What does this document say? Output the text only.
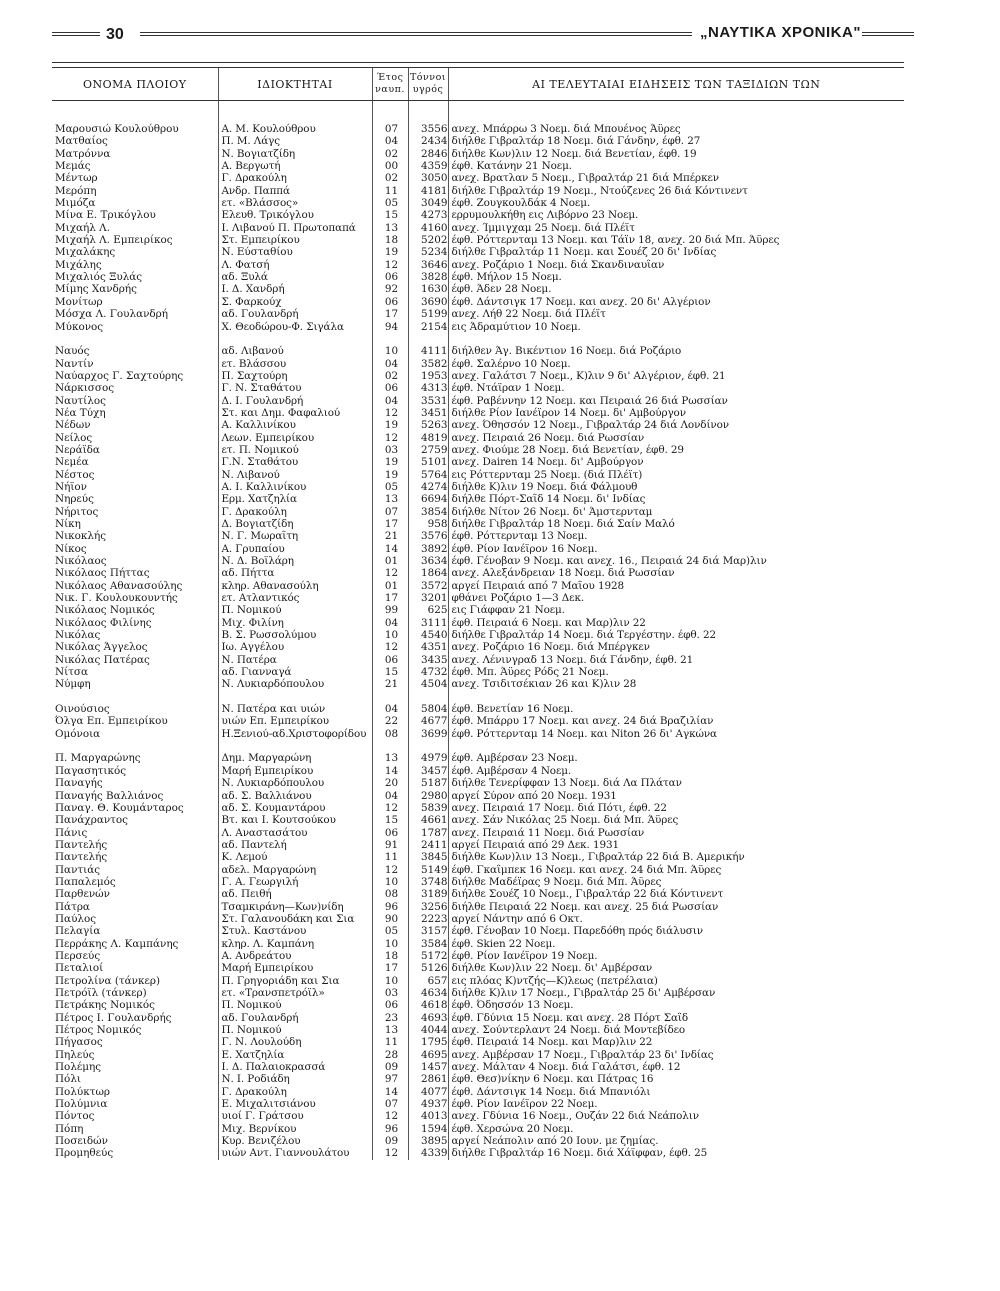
30	„ΝΑΥΤΙΚΑ ΧΡΟΝΙΚΑ"
ΟΝΟΜΑ ΠΛΟΙΟΥ	ΙΔΙΟΚΤΗΤΑΙ	Έτος ναυπ.	Τόννοι υγρός	ΑΙ ΤΕΛΕΥΤΑΙΑΙ ΕΙΔΗΣΕΙΣ ΤΩΝ ΤΑΞΙΔΙΩΝ ΤΩΝ

Μαρουσιώ Κουλούθρου	Α. Μ. Κουλούθρου	07	3556	ανεχ. Μπάρρω 3 Νοεμ. διά Μπουένος Άϋρες
Ματθαίος	Π. Μ. Λάγς	04	2434	διήλθε Γιβραλτάρ 18 Νοεμ. διά Γάνδην, έφθ. 27
Ματρόννα	Ν. Βογιατζίδη	02	2846	διήλθε Κων)λιν 12 Νοεμ. διά Βενετίαν, έφθ. 19
Μεμάς	Α. Βεργωτή	00	4359	έφθ. Κατάνην 21 Νοεμ.
Μέντωρ	Γ. Δρακούλη	02	3050	ανεχ. Βρατλαν 5 Νοεμ., Γιβραλτάρ 21 διά Μπέρκεν
Μερόπη	Ανδρ. Παππά	11	4181	διήλθε Γιβραλτάρ 19 Νοεμ., Ντούζενες 26 διά Κόντινεντ
Μιμόζα	ετ. «Βλάσσος»	05	3049	έφθ. Ζουγκουλδάκ 4 Νοεμ.
Μίνα Ε. Τρικόγλου	Ελευθ. Τρικόγλου	15	4273	ερρυμουλκήθη εις Λιβόρνο 23 Νοεμ.
Μιχαήλ Λ.	Ι. Λιβανού Π. Πρωτοπαπά	13	4160	ανεχ. Ίμμιγχαμ 25 Νοεμ. διά Πλέϊτ
Μιχαήλ Λ. Εμπειρίκος	Στ. Εμπειρίκου	18	5202	έφθ. Ρόττερνταμ 13 Νοεμ. και Τάϊν 18, ανεχ. 20 διά Μπ. Άϋρες
Μιχαλάκης	Ν. Εύσταθίου	19	5234	διήλθε Γιβραλτάρ 11 Νοεμ. και Σουέζ 20 δι' Ινδίας
Μιχάλης	Λ. Φατσή	12	3646	ανεχ. Ροζάριο 1 Νοεμ. διά Σκανδιναυΐαν
Μιχαλιός Ξυλάς	αδ. Ξυλά	06	3828	έφθ. Μήλον 15 Νοεμ.
Μίμης Χανδρής	Ι. Δ. Χανδρή	92	1630	έφθ. Άδεν 28 Νοεμ.
Μονίτωρ	Σ. Φαρκούχ	06	3690	έφθ. Δάντσιγκ 17 Νοεμ. και ανεχ. 20 δι' Αλγέριον
Μόσχα Λ. Γουλανδρή	αδ. Γουλανδρή	17	5199	ανεχ. Λήθ 22 Νοεμ. διά Πλέϊτ
Μύκονος	Χ. Θεοδώρου-Φ. Σιγάλα	94	2154	εις Άδραμύτιον 10 Νοεμ.

Ναυός	αδ. Λιβανού	10	4111	διήλθεν Άγ. Βικέντιον 16 Νοεμ. διά Ροζάριο
Ναντίν	ετ. Βλάσσου	04	3582	έφθ. Σαλέρνο 10 Νοεμ.
Ναύαρχος Γ. Σαχτούρης	Π. Σαχτούρη	02	1953	ανεχ. Γαλάτσι 7 Νοεμ., Κ)λιν 9 δι' Αλγέριον, έφθ. 21
Νάρκισσος	Γ. Ν. Σταθάτου	06	4313	έφθ. Ντάϊραν 1 Νοεμ.
Ναυτίλος	Δ. Ι. Γουλανδρή	04	3531	έφθ. Ραβέννην 12 Νοεμ. και Πειραιά 26 διά Ρωσσίαν
Νέα Τύχη	Στ. και Δημ. Φαφαλιού	12	3451	διήλθε Ρίον Ιανέϊρον 14 Νοεμ. δι' Αμβούργον
Νέδων	Α. Καλλινίκου	19	5263	ανεχ. Όθησσόν 12 Νοεμ., Γιβραλτάρ 24 διά Λονδίνον
Νείλος	Λεων. Εμπειρίκου	12	4819	ανεχ. Πειραιά 26 Νοεμ. διά Ρωσσίαν
Νεράϊδα	ετ. Π. Νομικού	03	2759	ανεχ. Φιούμε 28 Νοεμ. διά Βενετίαν, έφθ. 29
Νεμέα	Γ.Ν. Σταθάτου	19	5101	ανεχ. Dairen 14 Νοεμ. δι' Αμβούργον
Νέστος	Ν. Λιβανού	19	5764	εις Ρόττερνταμ 25 Νοεμ. (διά Πλέϊτ)
Νήϊον	Α. Ι. Καλλινίκου	05	4274	διήλθε Κ)λιν 19 Νοεμ. διά Φάλμουθ
Νηρεύς	Ερμ. Χατζηλία	13	6694	διήλθε Πόρτ-Σαΐδ 14 Νοεμ. δι' Ινδίας
Νήριτος	Γ. Δρακούλη	07	3854	διήλθε Νίτον 26 Νοεμ. δι' Άμστερνταμ
Νίκη	Δ. Βογιατζίδη	17	958	διήλθε Γιβραλτάρ 18 Νοεμ. διά Σαίν Μαλό
Νικοκλής	Ν. Γ. Μωραΐτη	21	3576	έφθ. Ρόττερνταμ 13 Νοεμ.
Νίκος	Α. Γρυπαίου	14	3892	έφθ. Ρίον Ιανέϊρον 16 Νοεμ.
Νικόλαος	Ν. Δ. Βοϊλάρη	01	3634	έφθ. Γένοβαν 9 Νοεμ. και ανεχ. 16., Πειραιά 24 διά Μαρ)λιν
Νικόλαος Πήττας	αδ. Πήττα	12	1864	ανεχ. Αλεξάνδρειαν 18 Νοεμ. διά Ρωσσίαν
Νικόλαος Αθανασούλης	κληρ. Αθανασούλη	01	3572	αργεί Πειραιά από 7 Μαΐου 1928
Νικ. Γ. Κουλουκουντής	ετ. Ατλαντικός	17	3201	φθάνει Ροζάριο 1—3 Δεκ.
Νικόλαος Νομικός	Π. Νομικού	99	625	εις Γιάφφαν 21 Νοεμ.
Νικόλαος Φιλίνης	Μιχ. Φιλίνη	04	3111	έφθ. Πειραιά 6 Νοεμ. και Μαρ)λιν 22
Νικόλας	Β. Σ. Ρωσσολύμου	10	4540	διήλθε Γιβραλτάρ 14 Νοεμ. διά Τεργέστην. έφθ. 22
Νικόλας Άγγελος	Ιω. Αγγέλου	12	4351	ανεχ. Ροζάριο 16 Νοεμ. διά Μπέργκεν
Νικόλας Πατέρας	Ν. Πατέρα	06	3435	ανεχ. Λένινγραδ 13 Νοεμ. διά Γάνδην, έφθ. 21
Νίτσα	αδ. Γιανναγά	15	4732	έφθ. Μπ. Άϋρες Ρόδς 21 Νοεμ.
Νύμφη	Ν. Λυκιαρδόπουλου	21	4504	ανεχ. Τσιδιτσέκιαν 26 και Κ)λιν 28

Οινούσιος	Ν. Πατέρα και υιών	04	5804	έφθ. Βενετίαν 16 Νοεμ.
Όλγα Επ. Εμπειρίκου	υιών Επ. Εμπειρίκου	22	4677	έφθ. Μπάρρυ 17 Νοεμ. και ανεχ. 24 διά Βραζιλίαν
Ομόνοια	Η.Ξενιού-αδ.Χριστοφορίδου	08	3699	έφθ. Ρόττερνταμ 14 Νοεμ. και Niton 26 δι' Αγκώνα

Π. Μαργαρώνης	Δημ. Μαργαρώνη	13	4979	έφθ. Αμβέρσαν 23 Νοεμ.
Παγασητικός	Μαρή Εμπειρίκου	14	3457	έφθ. Αμβέρσαν 4 Νοεμ.
Παναγής	Ν. Λυκιαρδόπουλου	20	5187	διήλθε Τενερίφφαν 13 Νοεμ. διά Λα Πλάταν
Παναγής Βαλλιάνος	αδ. Σ. Βαλλιάνου	04	2980	αργεί Σύρον από 20 Νοεμ. 1931
Παναγ. Θ. Κουμάνταρος	αδ. Σ. Κουμαντάρου	12	5839	ανεχ. Πειραιά 17 Νοεμ. διά Πότι, έφθ. 22
Πανάχραντος	Βτ. και Ι. Κουτσούκου	15	4661	ανεχ. Σάν Νικόλας 25 Νοεμ. διά Μπ. Άϋρες
Πάνις	Λ. Αναστασάτου	06	1787	ανεχ. Πειραιά 11 Νοεμ. διά Ρωσσίαν
Παντελής	αδ. Παντελή	91	2411	αργεί Πειραιά από 29 Δεκ. 1931
Παντελής	Κ. Λεμού	11	3845	διήλθε Κων)λιν 13 Νοεμ., Γιβραλτάρ 22 διά Β. Αμερικήν
Παντιάς	αδελ. Μαργαρώνη	12	5149	έφθ. Γκαΐμπεκ 16 Νοεμ. και ανεχ. 24 διά Μπ. Άϋρες
Παπαλεμός	Γ. Α. Γεωργιλή	10	3748	διήλθε Μαδέϊρας 9 Νοεμ. διά Μπ. Άϋρες
Παρθενών	αδ. Πειθή	08	3189	διήλθε Σουέζ 10 Νοεμ., Γιβραλτάρ 22 διά Κόντινεντ
Πάτρα	Τσαμκιράνη—Κων)νίδη	96	3256	διήλθε Πειραιά 22 Νοεμ. και ανεχ. 25 διά Ρωσσίαν
Παύλος	Στ. Γαλανουδάκη και Σια	90	2223	αργεί Νάντην από 6 Οκτ.
Πελαγία	Στυλ. Καστάνου	05	3157	έφθ. Γένοβαν 10 Νοεμ. Παρεδόθη πρός διάλυσιν
Περράκης Λ. Καμπάνης	κληρ. Λ. Καμπάνη	10	3584	έφθ. Skien 22 Νοεμ.
Περσεύς	Α. Ανδρεάτου	18	5172	έφθ. Ρίον Ιανέϊρον 19 Νοεμ.
Πεταλιοί	Μαρή Εμπειρίκου	17	5126	διήλθε Κων)λιν 22 Νοεμ. δι' Αμβέρσαν
Πετρολίνα (τάνκερ)	Π. Γρηγοριάδη και Σια	10	657	εις πλόας Κ)ντζής—Κ)λεως (πετρέλαια)
Πετρόϊλ (τάνκερ)	ετ. «Τρανσπετρόϊλ»	03	4634	διήλθε Κ)λιν 17 Νοεμ., Γιβραλτάρ 25 δι' Αμβέρσαν
Πετράκης Νομικός	Π. Νομικού	06	4618	έφθ. Όδησσόν 13 Νοεμ.
Πέτρος Ι. Γουλανδρής	αδ. Γουλανδρή	23	4693	έφθ. Γδύνια 15 Νοεμ. και ανεχ. 28 Πόρτ Σαΐδ
Πέτρος Νομικός	Π. Νομικού	13	4044	ανεχ. Σούντερλαντ 24 Νοεμ. διά Μοντεβίδεο
Πήγασος	Γ. Ν. Λουλούδη	11	1795	έφθ. Πειραιά 14 Νοεμ. και Μαρ)λιν 22
Πηλεύς	Ε. Χατζηλία	28	4695	ανεχ. Αμβέρσαν 17 Νοεμ., Γιβραλτάρ 23 δι' Ινδίας
Πολέμης	Ι. Δ. Παλαιοκρασσά	09	1457	ανεχ. Μάλταν 4 Νοεμ. διά Γαλάτσι, έφθ. 12
Πόλι	Ν. Ι. Ροδιάδη	97	2861	έφθ. Θεσ)νίκην 6 Νοεμ. και Πάτρας 16
Πολύκτωρ	Γ. Δρακούλη	14	4077	έφθ. Δάντσιγκ 14 Νοεμ. διά Μπανιόλι
Πολύμνια	Ε. Μιχαλιτσιάνου	07	4937	έφθ. Ρίον Ιανέϊρον 22 Νοεμ.
Πόντος	υιοί Γ. Γράτσου	12	4013	ανεχ. Γδύνια 16 Νοεμ., Ουζάν 22 διά Νεάπολιν
Πόπη	Μιχ. Βερνίκου	96	1594	έφθ. Χερσώνα 20 Νοεμ.
Ποσειδών	Κυρ. Βενιζέλου	09	3895	αργεί Νεάπολιν από 20 Ιουν. με ζημίας.
Προμηθεύς	υιών Αντ. Γιαννουλάτου	12	4339	διήλθε Γιβραλτάρ 16 Νοεμ. διά Χάϊφφαν, έφθ. 25
